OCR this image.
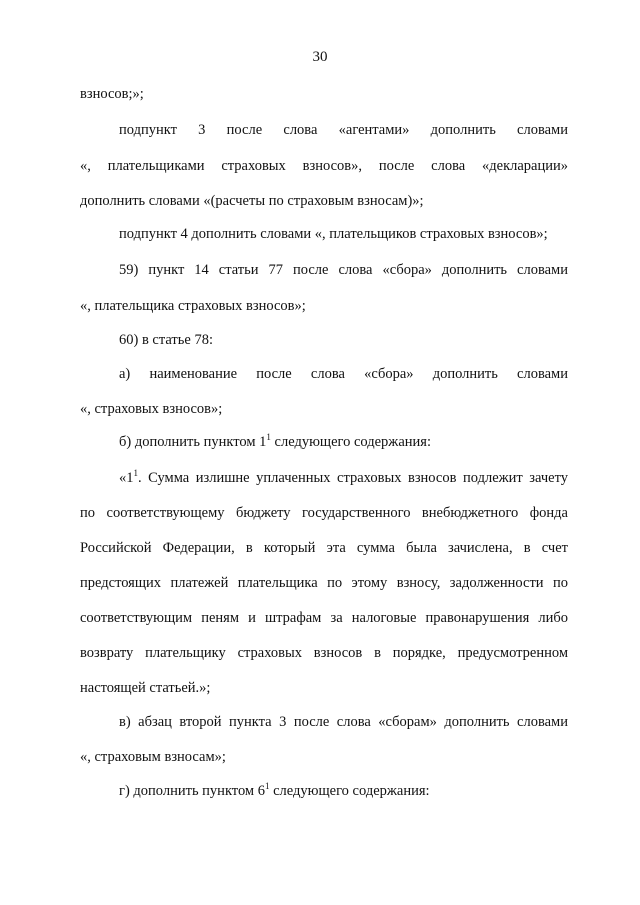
30
взносов;»;
подпункт 3 после слова «агентами» дополнить словами
«, плательщиками страховых взносов», после слова «декларации»
дополнить словами «(расчеты по страховым взносам)»;
подпункт 4 дополнить словами «, плательщиков страховых взносов»;
59) пункт 14 статьи 77 после слова «сбора» дополнить словами
«, плательщика страховых взносов»;
60) в статье 78:
а) наименование после слова «сбора» дополнить словами
«, страховых взносов»;
б) дополнить пунктом $1^1$ следующего содержания:
«$1^1$. Сумма излишне уплаченных страховых взносов подлежит зачету
по соответствующему бюджету государственного внебюджетного фонда
Российской Федерации, в который эта сумма была зачислена, в счет
предстоящих платежей плательщика по этому взносу, задолженности по
соответствующим пеням и штрафам за налоговые правонарушения либо
возврату плательщику страховых взносов в порядке, предусмотренном
настоящей статьей.»;
в) абзац второй пункта 3 после слова «сборам» дополнить словами
«, страховым взносам»;
г) дополнить пунктом $6^1$ следующего содержания:
